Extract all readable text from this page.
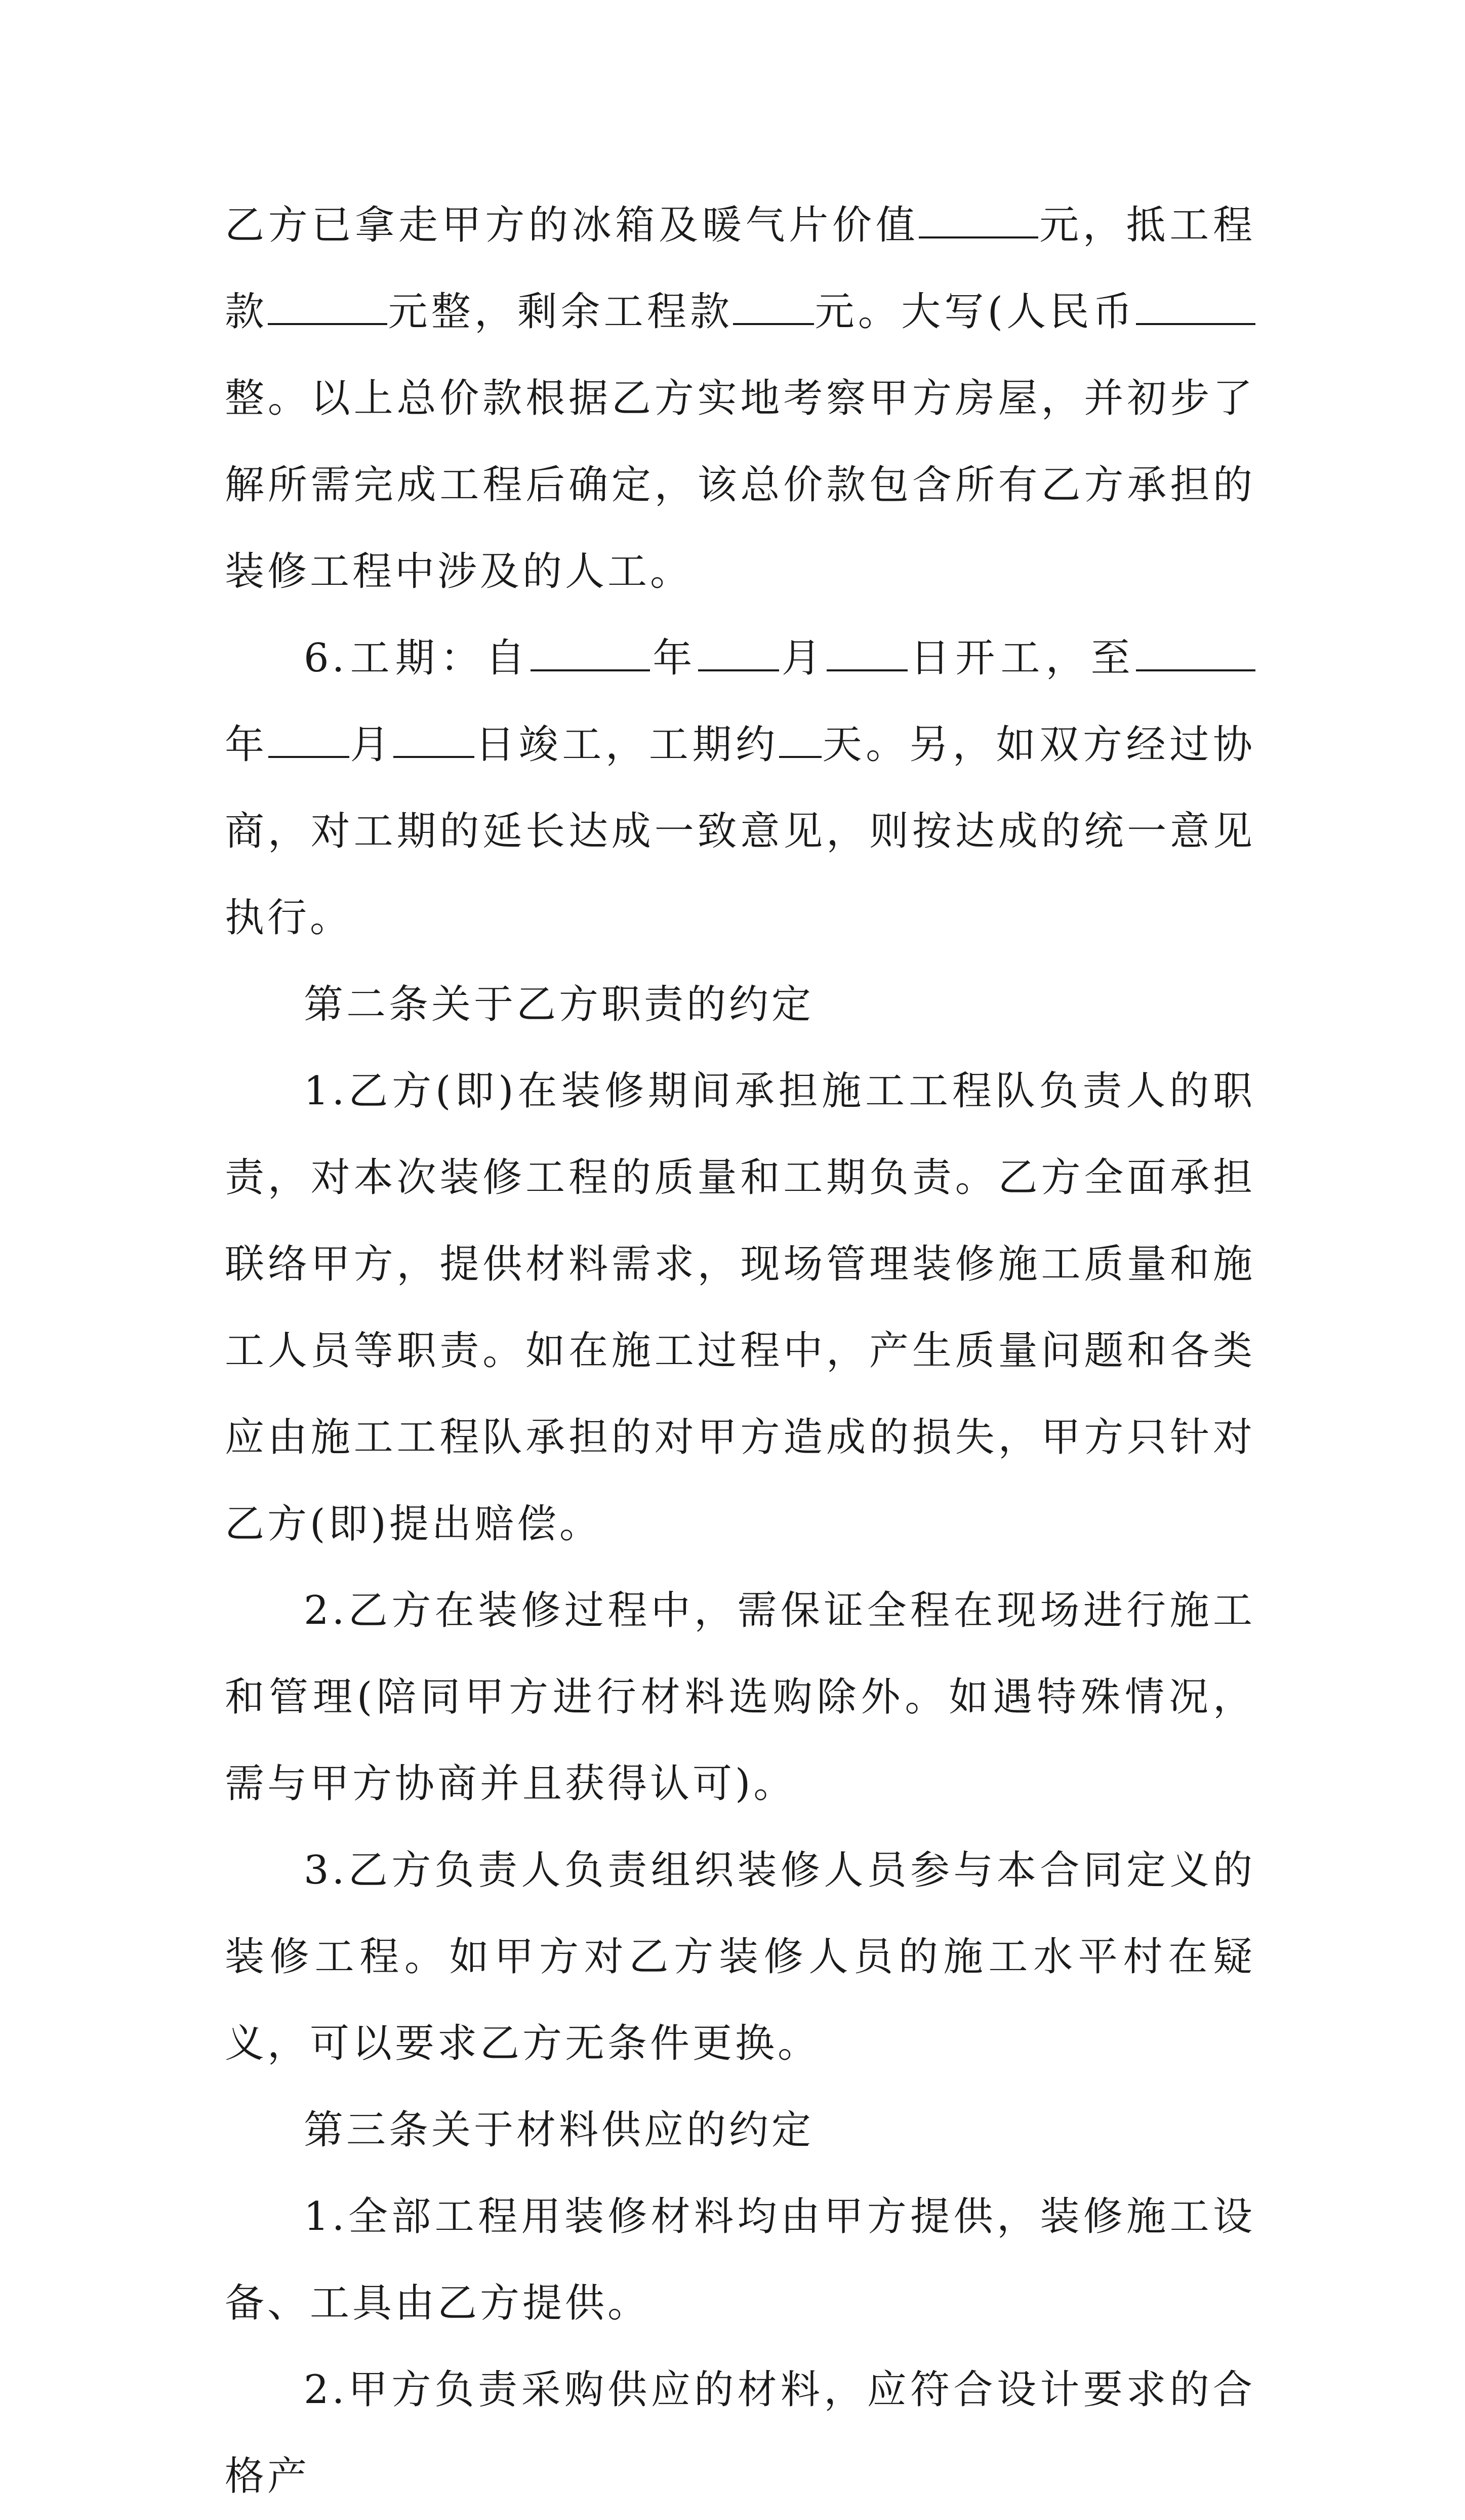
乙方已拿走甲方的冰箱及暖气片价值	元，抵工程款	元整，剩余工程款 元。大写(人民币整。以上总价款根据乙方实地考察甲方房屋，并初步了解所需完成工程后确定，该总价款包含所有乙方承担的装修工程中涉及的人工。

6.工期：自	年 月 日开工，至年 月 日竣工，工期约 天。另，如双方经过协商，对工期的延长达成一致意见，则按达成的统一意见执行。

第二条关于乙方职责的约定

1.乙方(即)在装修期间承担施工工程队负责人的职责，对本次装修工程的质量和工期负责。乙方全面承担联络甲方，提供材料需求，现场管理装修施工质量和施工人员等职责。如在施工过程中，产生质量问题和各类应由施工工程队承担的对甲方造成的损失，甲方只针对乙方(即)提出赔偿。

2.乙方在装修过程中，需保证全程在现场进行施工和管理(陪同甲方进行材料选购除外。如遇特殊情况，需与甲方协商并且获得认可)。

3.乙方负责人负责组织装修人员参与本合同定义的装修工程。如甲方对乙方装修人员的施工水平村在疑义，可以要求乙方无条件更换。

第三条关于材料供应的约定

1.全部工程用装修材料均由甲方提供，装修施工设备、工具由乙方提供。

2.甲方负责采购供应的材料，应符合设计要求的合格产
